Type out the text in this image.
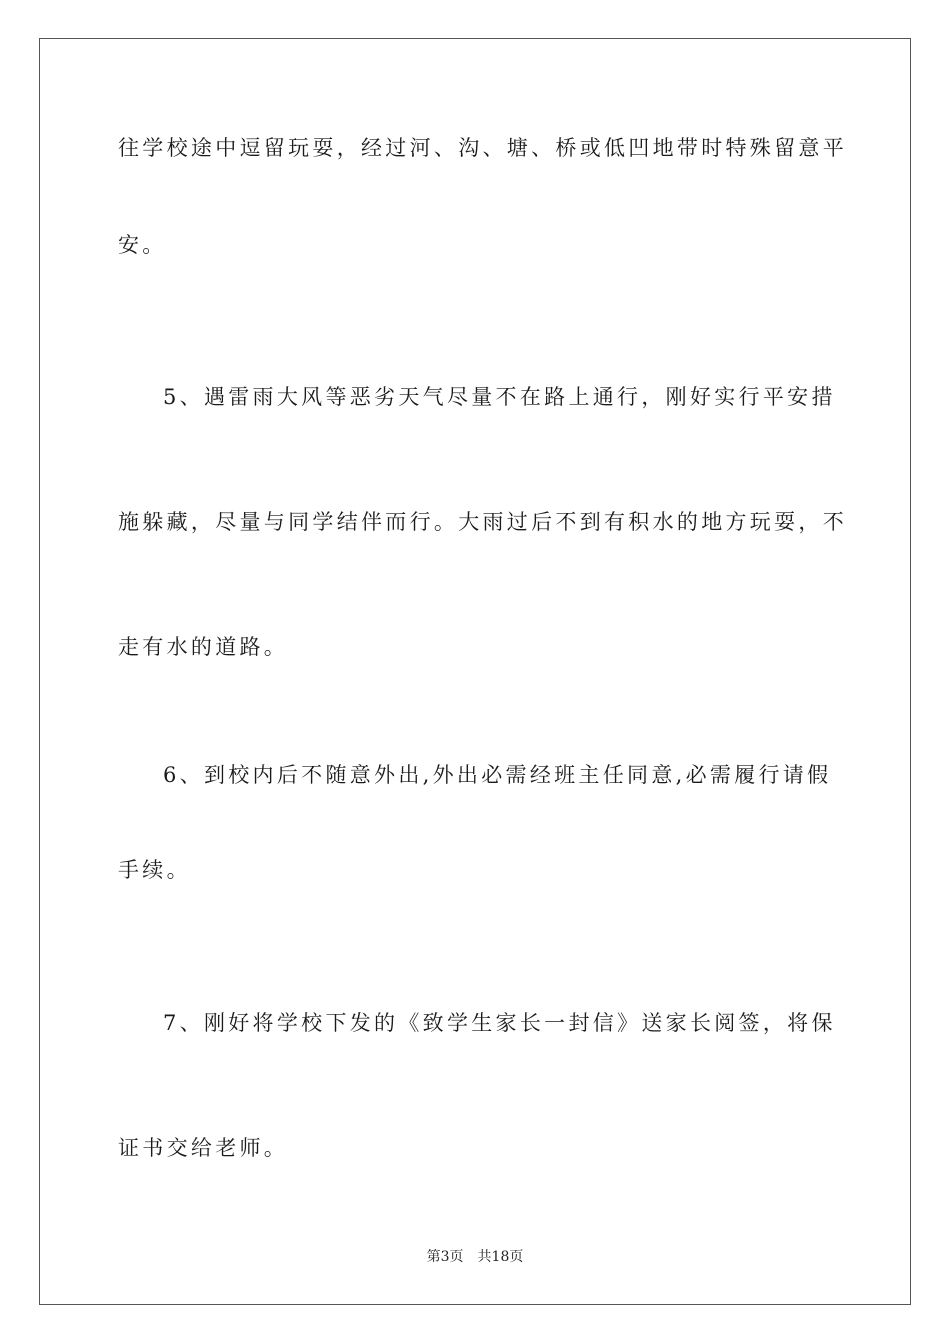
往学校途中逗留玩耍，经过河、沟、塘、桥或低凹地带时特殊留意平
安。
5、遇雷雨大风等恶劣天气尽量不在路上通行，刚好实行平安措
施躲藏，尽量与同学结伴而行。大雨过后不到有积水的地方玩耍，不
走有水的道路。
6、到校内后不随意外出,外出必需经班主任同意,必需履行请假
手续。
7、刚好将学校下发的《致学生家长一封信》送家长阅签，将保
证书交给老师。
第3页 共18页
